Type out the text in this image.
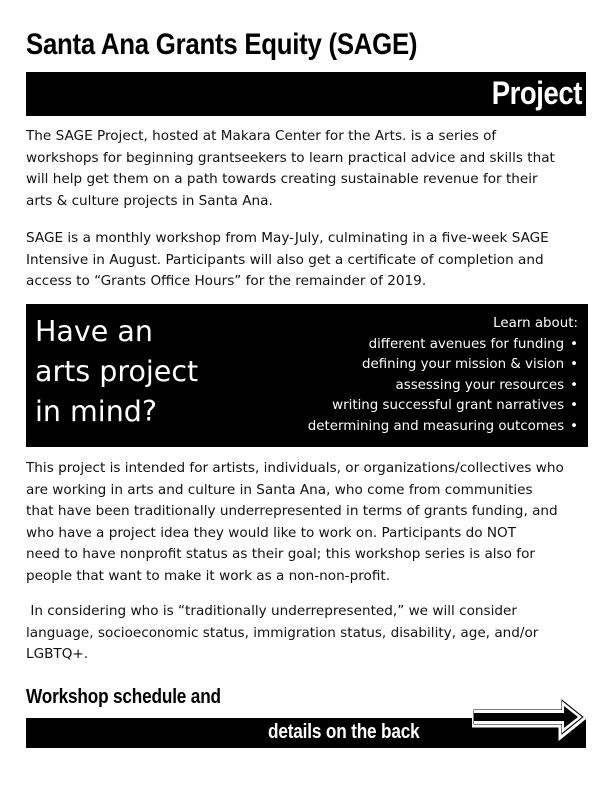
Santa Ana Grants Equity (SAGE)
Project
The SAGE Project, hosted at Makara Center for the Arts. is a series of
workshops for beginning grantseekers to learn practical advice and skills that
will help get them on a path towards creating sustainable revenue for their
arts & culture projects in Santa Ana.
SAGE is a monthly workshop from May-July, culminating in a five-week SAGE
Intensive in August. Participants will also get a certificate of completion and
access to “Grants Office Hours” for the remainder of 2019.
Have an
arts project
in mind?
Learn about:
different avenues for funding •
defining your mission & vision •
assessing your resources •
writing successful grant narratives •
determining and measuring outcomes •
This project is intended for artists, individuals, or organizations/collectives who
are working in arts and culture in Santa Ana, who come from communities
that have been traditionally underrepresented in terms of grants funding, and
who have a project idea they would like to work on. Participants do NOT
need to have nonprofit status as their goal; this workshop series is also for
people that want to make it work as a non-non-profit.
In considering who is “traditionally underrepresented,” we will consider
language, socioeconomic status, immigration status, disability, age, and/or
LGBTQ+.
Workshop schedule and
details on the back
